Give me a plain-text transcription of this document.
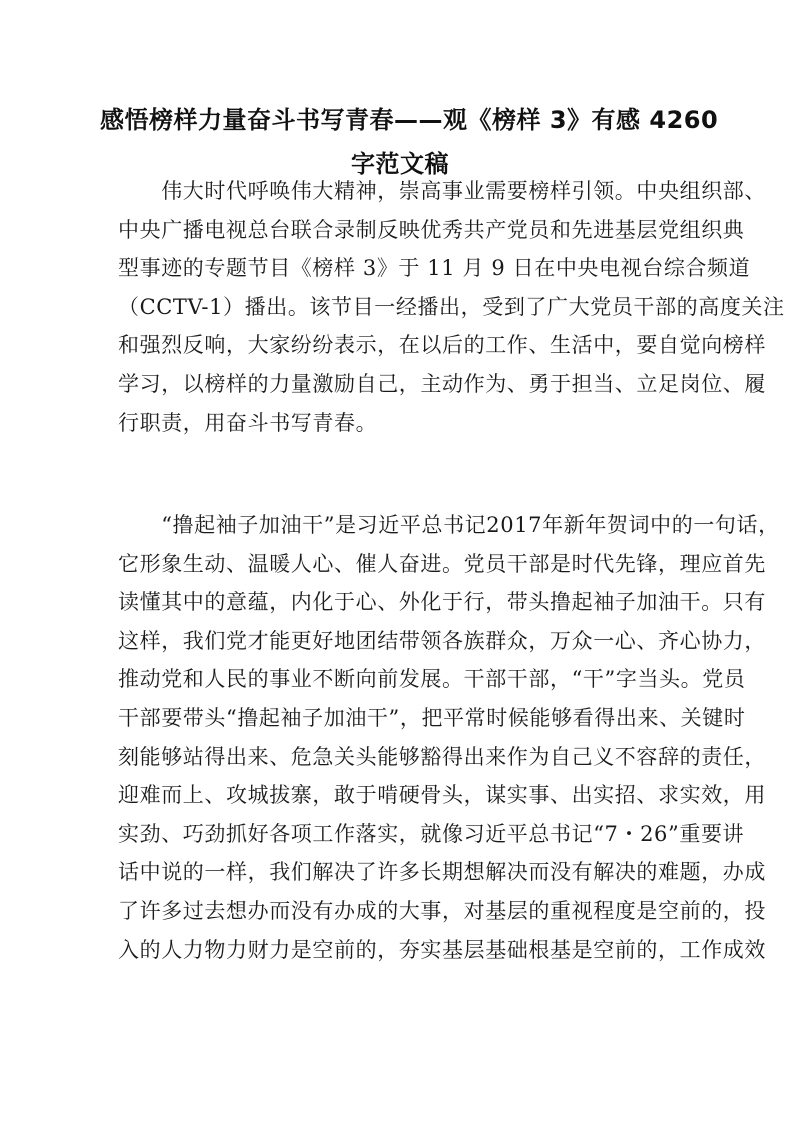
感悟榜样力量奋斗书写青春——观《榜样 3》有感 4260
字范文稿
　　伟大时代呼唤伟大精神，崇高事业需要榜样引领。中央组织部、
中央广播电视总台联合录制反映优秀共产党员和先进基层党组织典
型事迹的专题节目《榜样 3》于 11 月 9 日在中央电视台综合频道
（CCTV-1）播出。该节目一经播出，受到了广大党员干部的高度关注
和强烈反响，大家纷纷表示，在以后的工作、生活中，要自觉向榜样
学习，以榜样的力量激励自己，主动作为、勇于担当、立足岗位、履
行职责，用奋斗书写青春。
　　“撸起袖子加油干”是习近平总书记2017年新年贺词中的一句话，
它形象生动、温暖人心、催人奋进。党员干部是时代先锋，理应首先
读懂其中的意蕴，内化于心、外化于行，带头撸起袖子加油干。只有
这样，我们党才能更好地团结带领各族群众，万众一心、齐心协力，
推动党和人民的事业不断向前发展。干部干部，“干”字当头。党员
干部要带头“撸起袖子加油干”，把平常时候能够看得出来、关键时
刻能够站得出来、危急关头能够豁得出来作为自己义不容辞的责任，
迎难而上、攻城拔寨，敢于啃硬骨头，谋实事、出实招、求实效，用
实劲、巧劲抓好各项工作落实，就像习近平总书记“7・26”重要讲
话中说的一样，我们解决了许多长期想解决而没有解决的难题，办成
了许多过去想办而没有办成的大事，对基层的重视程度是空前的，投
入的人力物力财力是空前的，夯实基层基础根基是空前的，工作成效
